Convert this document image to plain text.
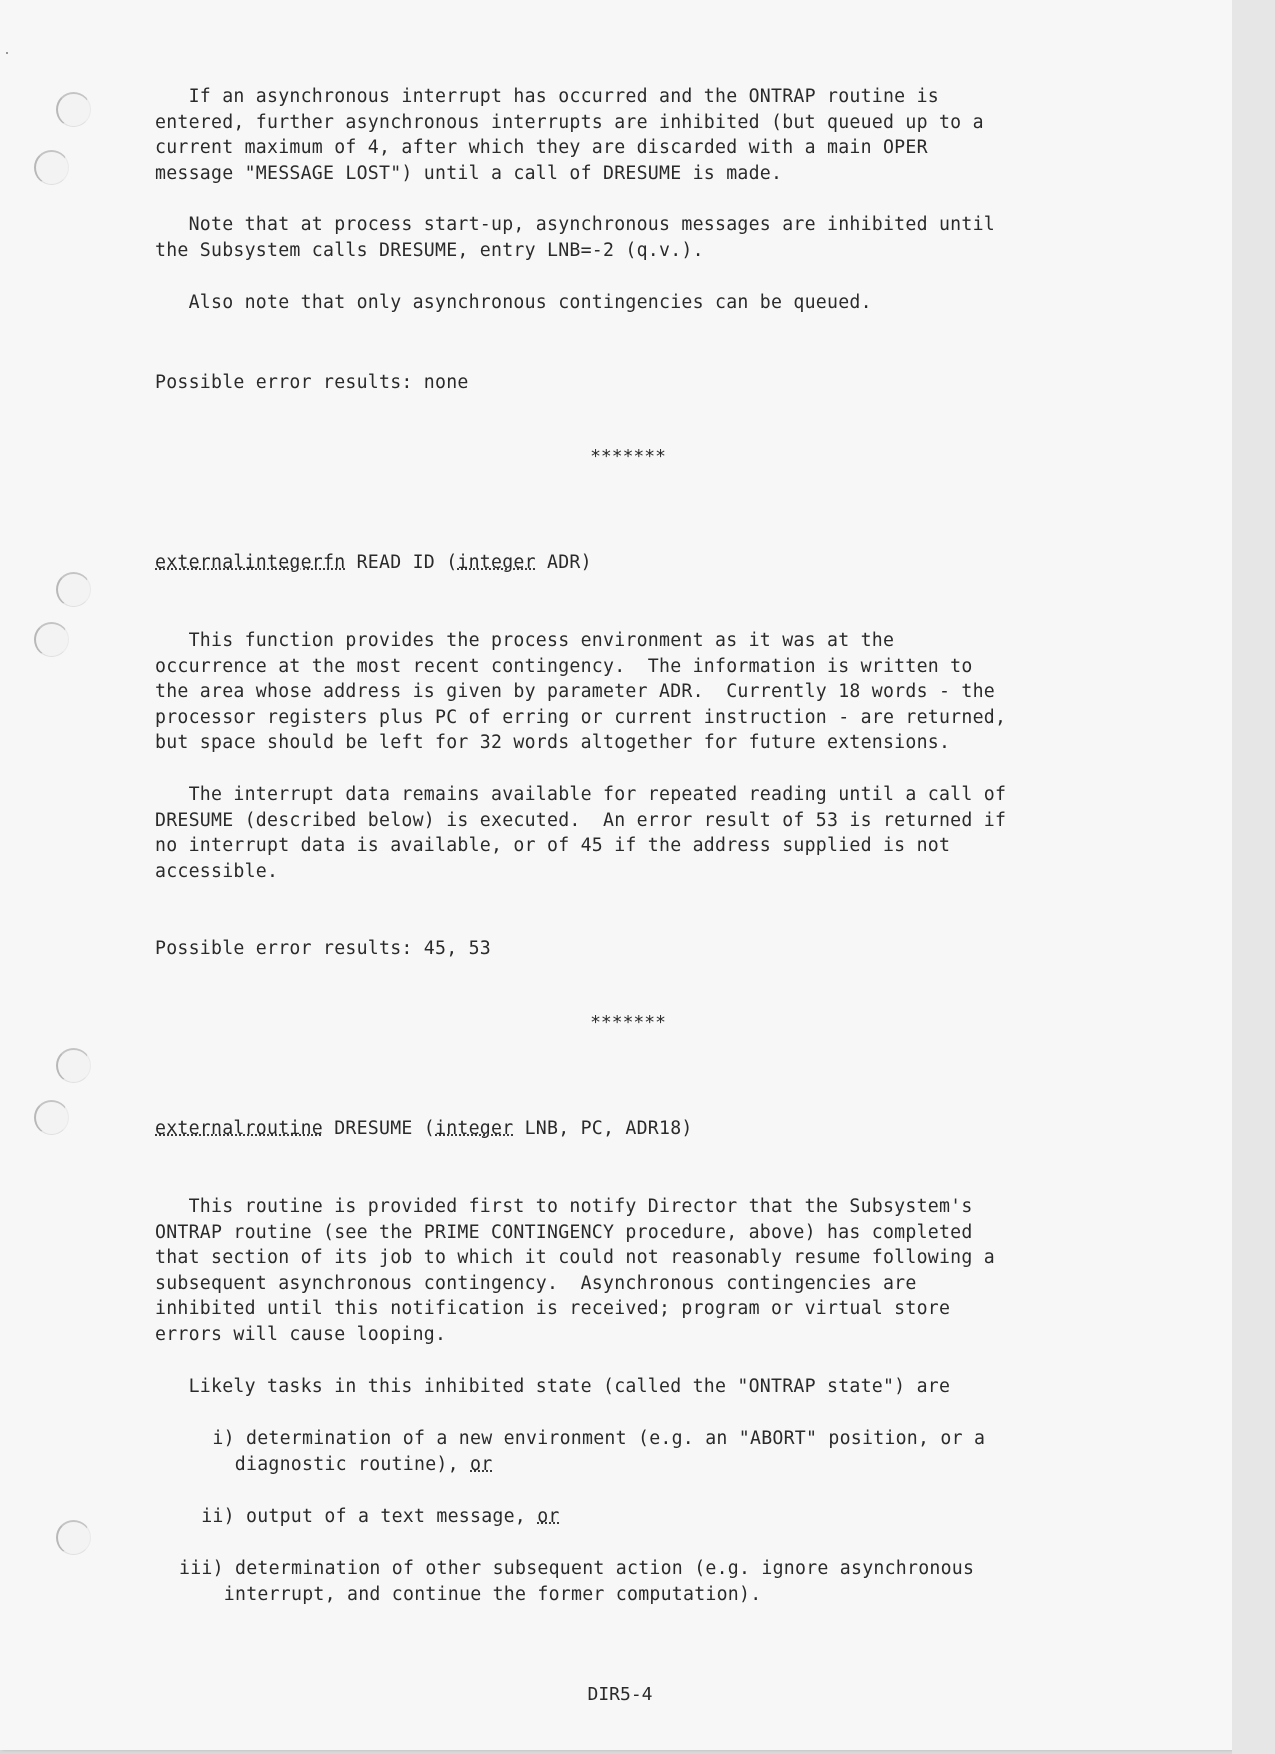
If an asynchronous interrupt has occurred and the ONTRAP routine is
entered, further asynchronous interrupts are inhibited (but queued up to a
current maximum of 4, after which they are discarded with a main OPER
message "MESSAGE LOST") until a call of DRESUME is made.
Note that at process start-up, asynchronous messages are inhibited until
the Subsystem calls DRESUME, entry LNB=-2 (q.v.).
Also note that only asynchronous contingencies can be queued.
Possible error results: none
*******
externalintegerfn READ ID (integer ADR)
This function provides the process environment as it was at the
occurrence at the most recent contingency.  The information is written to
the area whose address is given by parameter ADR.  Currently 18 words - the
processor registers plus PC of erring or current instruction - are returned,
but space should be left for 32 words altogether for future extensions.
The interrupt data remains available for repeated reading until a call of
DRESUME (described below) is executed.  An error result of 53 is returned if
no interrupt data is available, or of 45 if the address supplied is not
accessible.
Possible error results: 45, 53
*******
externalroutine DRESUME (integer LNB, PC, ADR18)
This routine is provided first to notify Director that the Subsystem's
ONTRAP routine (see the PRIME CONTINGENCY procedure, above) has completed
that section of its job to which it could not reasonably resume following a
subsequent asynchronous contingency.  Asynchronous contingencies are
inhibited until this notification is received; program or virtual store
errors will cause looping.
Likely tasks in this inhibited state (called the "ONTRAP state") are
i) determination of a new environment (e.g. an "ABORT" position, or a
diagnostic routine), or
ii) output of a text message, or
iii) determination of other subsequent action (e.g. ignore asynchronous
interrupt, and continue the former computation).
DIR5-4
